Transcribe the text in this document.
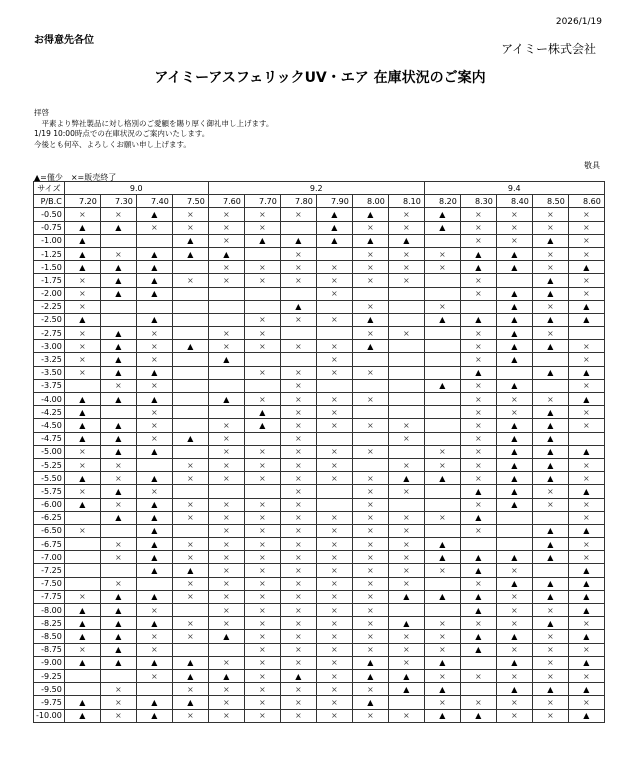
2026/1/19
お得意先各位
アイミー株式会社
アイミーアスフェリックUV・エア 在庫状況のご案内
拝啓
　平素より弊社製品に対し格別のご愛顧を賜り厚く御礼申し上げます。
1/19 10:00時点での在庫状況のご案内いたします。
今後とも何卒、よろしくお願い申し上げます。
敬具
▲=僅少　×=販売終了
サイズ	9.0				9.2						9.4				
P/B.C	7.20	7.30	7.40	7.50	7.60	7.70	7.80	7.90	8.00	8.10	8.20	8.30	8.40	8.50	8.60
-0.50	×	×	▲	×	×	×	×	▲	▲	×	▲	×	×	×	×
-0.75	▲	▲	×	×	×	×		▲	×	×	▲	×	×	×	×
-1.00	▲			▲	×	▲	▲	▲	▲	▲		×	×	▲	×
-1.25	▲	×	▲	▲	▲		×		×	×	×	▲	▲	×	×
-1.50	▲	▲	▲		×	×	×	×	×	×	×	▲	▲	×	▲
-1.75	×	▲	▲	×	×	×	×	×	×	×		×		▲	×
-2.00	×	▲	▲					×				×	▲	▲	×
-2.25	×						▲		×		×		▲	×	▲
-2.50	▲		▲			×	×	×	▲		▲	▲	▲	▲	▲
-2.75	×	▲	×		×	×			×	×		×	▲	×	
-3.00	×	▲	×	▲	×	×	×	×	▲			×	▲	▲	×
-3.25	×	▲	×		▲			×				×	▲		×
-3.50	×	▲	▲			×	×	×	×			▲		▲	▲
-3.75		×	×				×				▲	×	▲		×
-4.00	▲	▲	▲		▲	×	×	×	×			×	×	×	▲
-4.25	▲		×			▲	×	×				×	×	▲	×
-4.50	▲	▲	×		×	▲	×	×	×	×		×	▲	▲	×
-4.75	▲	▲	×	▲	×		×			×		×	▲	▲	
-5.00	×	▲	▲		×	×	×	×	×		×	×	▲	▲	▲
-5.25	×	×		×	×	×	×	×		×	×	×	▲	▲	×
-5.50	▲	×	▲	×	×	×	×	×	×	▲	▲	×	▲	▲	×
-5.75	×	▲	×				×		×	×		▲	▲	×	▲
-6.00	▲	×	▲	×	×	×	×		×			×	▲	×	×
-6.25		▲	▲	×	×	×	×	×	×	×	×	▲			×
-6.50	×		▲		×	×	×	×	×	×		×		▲	▲
-6.75		×	▲	×	×	×	×	×	×	×	▲			▲	×
-7.00		×	▲	×	×	×	×	×	×	×	▲	▲	▲	▲	×
-7.25			▲	▲	×	×	×	×	×	×	×	▲	×		▲
-7.50		×		×	×	×	×	×	×	×		×	▲	▲	▲
-7.75	×	▲	▲	×	×	×	×	×	×	▲	▲	▲	×	▲	▲
-8.00	▲	▲	×		×	×	×	×	×			▲	×	×	▲
-8.25	▲	▲	▲	×	×	×	×	×	×	▲	×	×	×	▲	×
-8.50	▲	▲	×	×	▲	×	×	×	×	×	×	▲	▲	×	▲
-8.75	×	▲	×			×	×	×	×	×	×	▲	×	×	×
-9.00	▲	▲	▲	▲	×	×	×	×	▲	×	▲		▲	×	▲
-9.25			×	▲	▲	×	▲	×	▲	▲	×	×	×	×	×
-9.50		×		×	×	×	×	×	×	▲	▲		▲	▲	▲
-9.75	▲	×	▲	▲	×	×	×	×	▲		×	×	×	×	×
-10.00	▲	×	▲	×	×	×	×	×	×	×	▲	▲	×	×	▲
